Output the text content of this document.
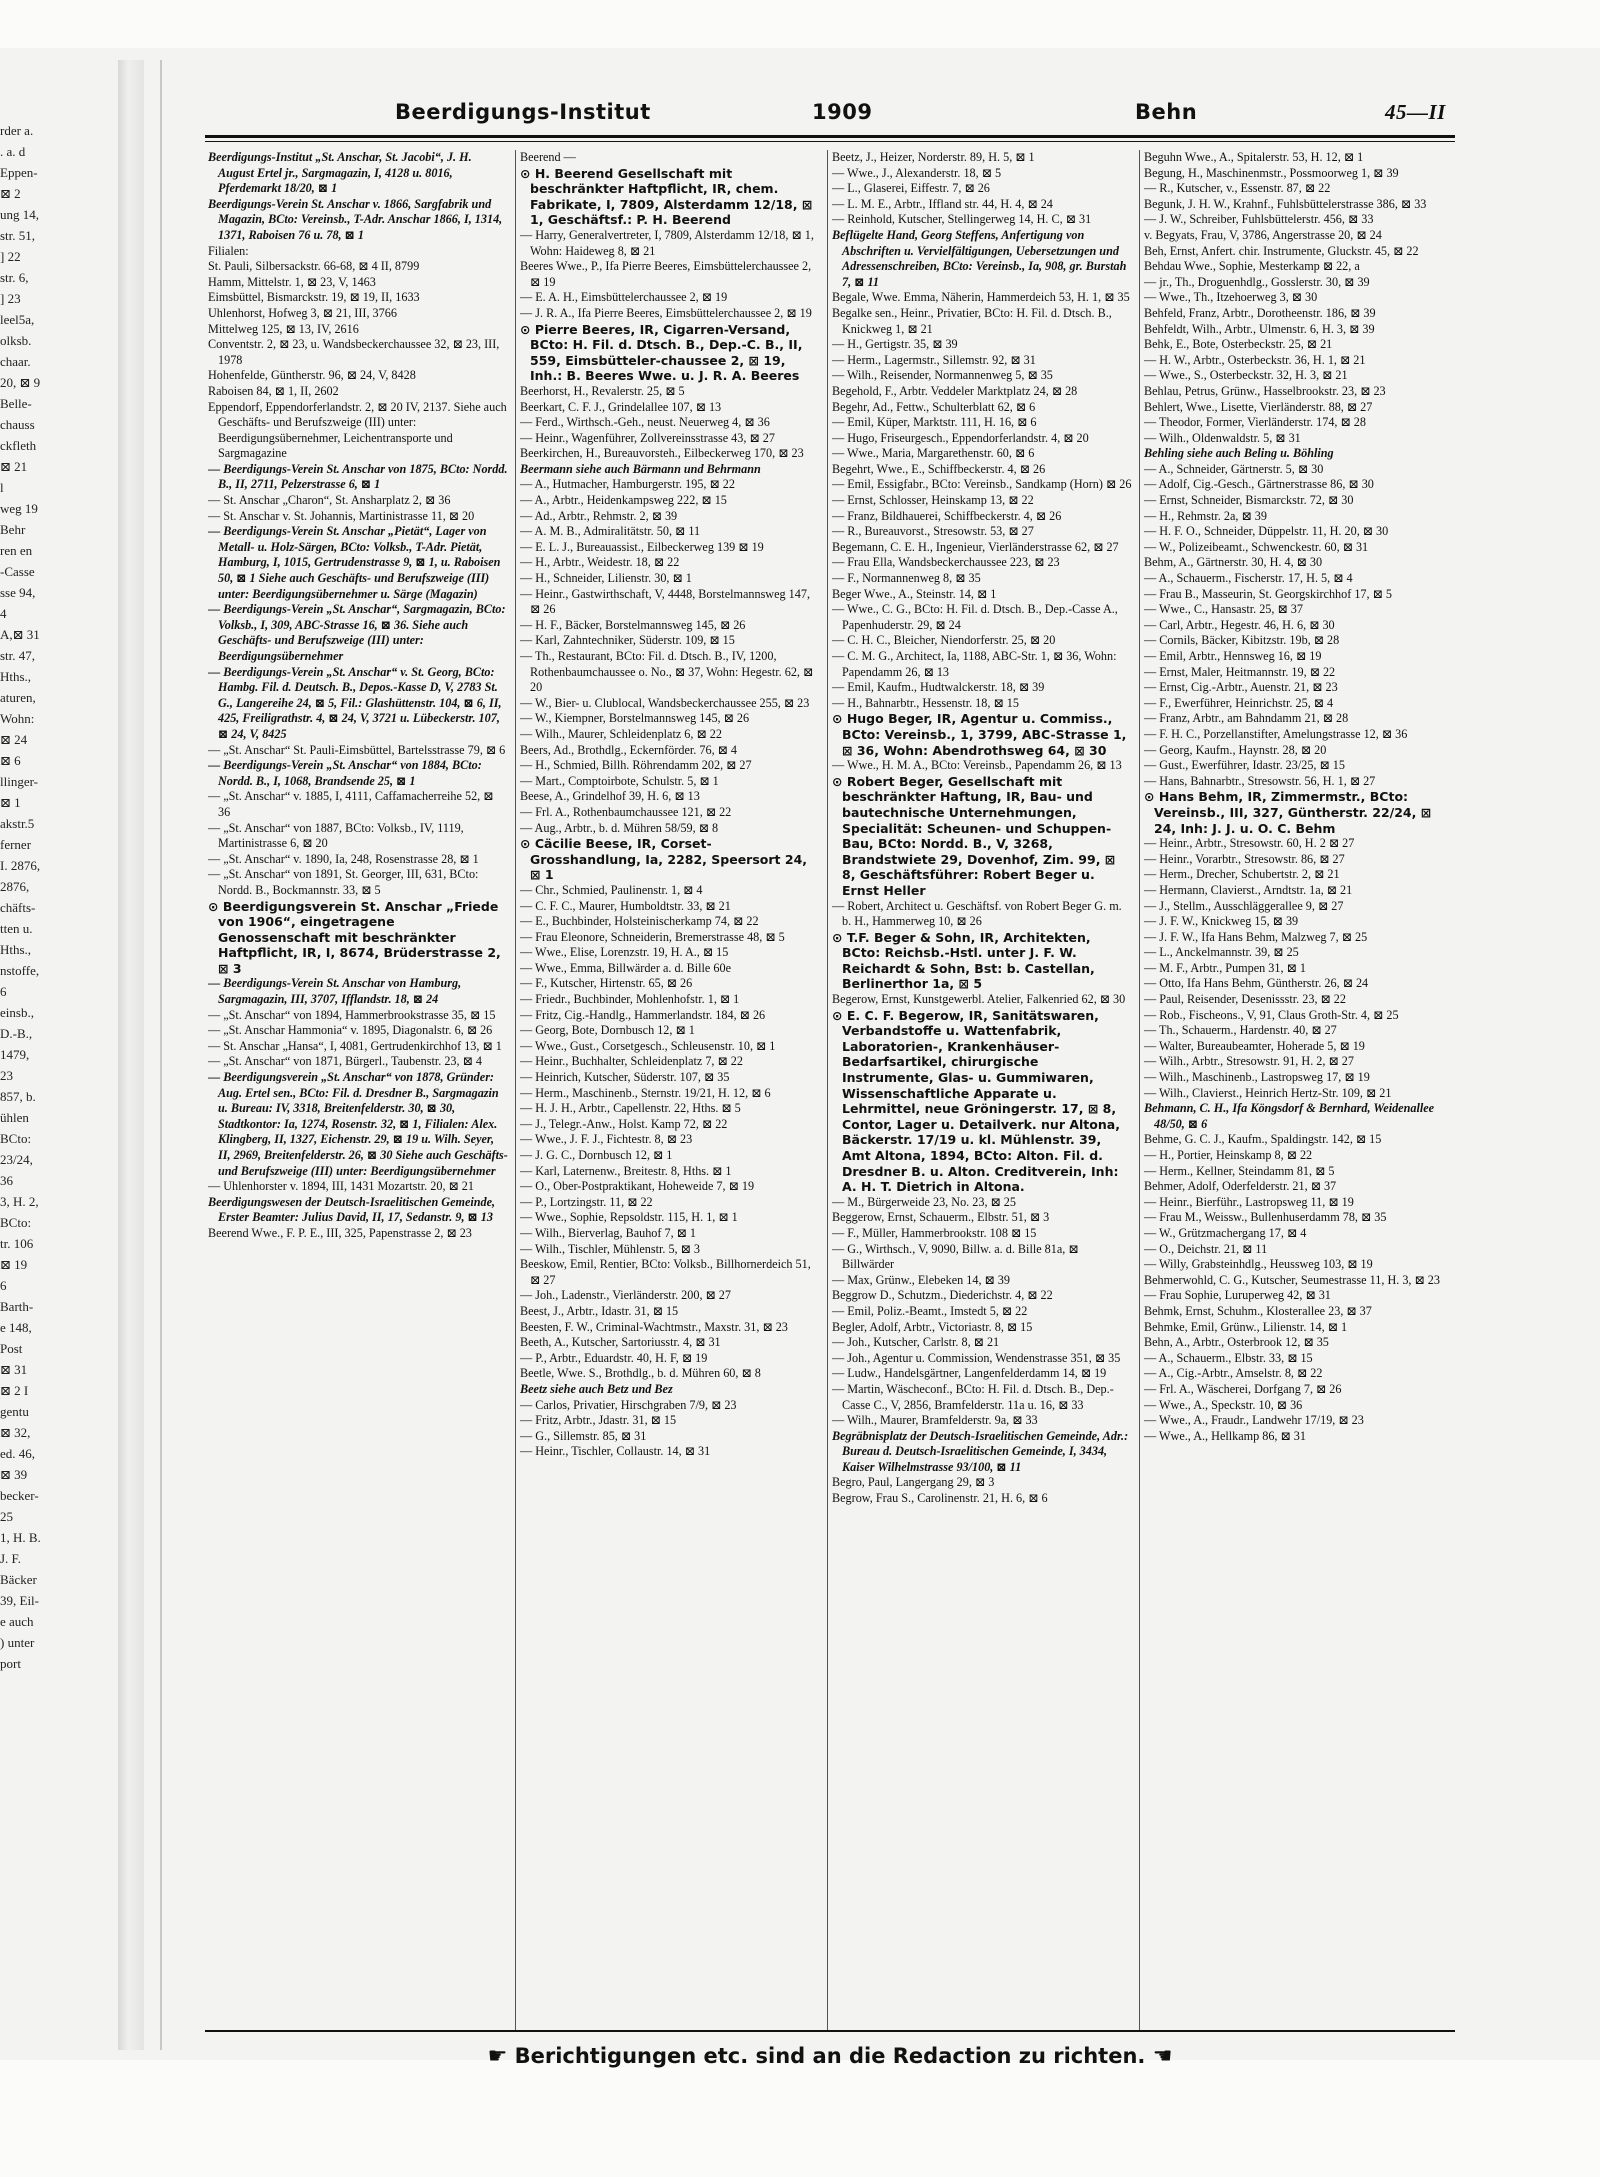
rder a.
. a. d
Eppen-
⊠ 2
ung 14,
str. 51,
] 22
str. 6,
] 23
leel5a,
olksb.
chaar.
20, ⊠ 9
Belle-
chauss
ckfleth
⊠ 21
l
weg 19
Behr
ren en
-Casse
sse 94,
4
A,⊠ 31
str. 47,
Hths.,
aturen,
Wohn:
⊠ 24
⊠ 6
llinger-
⊠ 1
akstr.5
ferner
I. 2876,
2876,
chäfts-
tten u.
Hths.,
nstoffe,
6
einsb.,
D.-B.,
1479,
23
857, b.
ühlen
BCto:
23/24,
36
3, H. 2,
BCto:
tr. 106
⊠ 19
6
Barth-
e 148,
Post
⊠ 31
⊠ 2 I
gentu
⊠ 32,
ed. 46,
⊠ 39
becker-
25
1, H. B.
J. F.
Bäcker
39, Eil-
e auch
) unter
port
Beerdigungs-Institut	1909	Behn	45—II

Beerdigungs-Institut „St. Anschar, St. Jacobi“, J. H. August Ertel jr., Sargmagazin, I, 4128 u. 8016, Pferdemarkt 18/20, ⊠ 1

Beerdigungs-Verein St. Anschar v. 1866, Sargfabrik und Magazin, BCto: Vereinsb., T-Adr. Anschar 1866, I, 1314, 1371, Raboisen 76 u. 78, ⊠ 1

Filialen:

St. Pauli, Silbersackstr. 66-68, ⊠ 4 II, 8799

Hamm, Mittelstr. 1, ⊠ 23, V, 1463

Eimsbüttel, Bismarckstr. 19, ⊠ 19, II, 1633

Uhlenhorst, Hofweg 3, ⊠ 21, III, 3766

Mittelweg 125, ⊠ 13, IV, 2616

Conventstr. 2, ⊠ 23, u. Wandsbeckerchaussee 32, ⊠ 23, III, 1978

Hohenfelde, Güntherstr. 96, ⊠ 24, V, 8428

Raboisen 84, ⊠ 1, II, 2602

Eppendorf, Eppendorferlandstr. 2, ⊠ 20 IV, 2137. Siehe auch Geschäfts- und Berufszweige (III) unter: Beerdigungsübernehmer, Leichentransporte und Sargmagazine

— Beerdigungs-Verein St. Anschar von 1875, BCto: Nordd. B., II, 2711, Pelzerstrasse 6, ⊠ 1

— St. Anschar „Charon“, St. Ansharplatz 2, ⊠ 36

— St. Anschar v. St. Johannis, Martinistrasse 11, ⊠ 20

— Beerdigungs-Verein St. Anschar „Pietät“, Lager von Metall- u. Holz-Särgen, BCto: Volksb., T-Adr. Pietät, Hamburg, I, 1015, Gertrudenstrasse 9, ⊠ 1, u. Raboisen 50, ⊠ 1 Siehe auch Geschäfts- und Berufszweige (III) unter: Beerdigungsübernehmer u. Särge (Magazin)

— Beerdigungs-Verein „St. Anschar“, Sargmagazin, BCto: Volksb., I, 309, ABC-Strasse 16, ⊠ 36. Siehe auch Geschäfts- und Berufszweige (III) unter: Beerdigungsübernehmer

— Beerdigungs-Verein „St. Anschar“ v. St. Georg, BCto: Hambg. Fil. d. Deutsch. B., Depos.-Kasse D, V, 2783 St. G., Langereihe 24, ⊠ 5, Fil.: Glashüttenstr. 104, ⊠ 6, II, 425, Freiligrathstr. 4, ⊠ 24, V, 3721 u. Lübeckerstr. 107, ⊠ 24, V, 8425

— „St. Anschar“ St. Pauli-Eimsbüttel, Bartelsstrasse 79, ⊠ 6

— Beerdigungs-Verein „St. Anschar“ von 1884, BCto: Nordd. B., I, 1068, Brandsende 25, ⊠ 1

— „St. Anschar“ v. 1885, I, 4111, Caffamacherreihe 52, ⊠ 36

— „St. Anschar“ von 1887, BCto: Volksb., IV, 1119, Martinistrasse 6, ⊠ 20

— „St. Anschar“ v. 1890, Ia, 248, Rosenstrasse 28, ⊠ 1

— „St. Anschar“ von 1891, St. Georger, III, 631, BCto: Nordd. B., Bockmannstr. 33, ⊠ 5

⊙ Beerdigungsverein St. Anschar „Friede von 1906“, eingetragene Genossenschaft mit beschränkter Haftpflicht, IR, I, 8674, Brüderstrasse 2, ⊠ 3

— Beerdigungs-Verein St. Anschar von Hamburg, Sargmagazin, III, 3707, Ifflandstr. 18, ⊠ 24

— „St. Anschar“ von 1894, Hammerbrookstrasse 35, ⊠ 15

— „St. Anschar Hammonia“ v. 1895, Diagonalstr. 6, ⊠ 26

— St. Anschar „Hansa“, I, 4081, Gertrudenkirchhof 13, ⊠ 1

— „St. Anschar“ von 1871, Bürgerl., Taubenstr. 23, ⊠ 4

— Beerdigungsverein „St. Anschar“ von 1878, Gründer: Aug. Ertel sen., BCto: Fil. d. Dresdner B., Sargmagazin u. Bureau: IV, 3318, Breitenfelderstr. 30, ⊠ 30, Stadtkontor: Ia, 1274, Rosenstr. 32, ⊠ 1, Filialen: Alex. Klingberg, II, 1327, Eichenstr. 29, ⊠ 19 u. Wilh. Seyer, II, 2969, Breitenfelderstr. 26, ⊠ 30 Siehe auch Geschäfts- und Berufszweige (III) unter: Beerdigungsübernehmer

— Uhlenhorster v. 1894, III, 1431 Mozartstr. 20, ⊠ 21

Beerdigungswesen der Deutsch-Israelitischen Gemeinde, Erster Beamter: Julius David, II, 17, Sedanstr. 9, ⊠ 13

Beerend Wwe., F. P. E., III, 325, Papenstrasse 2, ⊠ 23

Beerend —

⊙ H. Beerend Gesellschaft mit beschränkter Haftpflicht, IR, chem. Fabrikate, I, 7809, Alsterdamm 12/18, ⊠ 1, Geschäftsf.: P. H. Beerend

— Harry, Generalvertreter, I, 7809, Alsterdamm 12/18, ⊠ 1, Wohn: Haideweg 8, ⊠ 21

Beeres Wwe., P., Ifa Pierre Beeres, Eimsbüttelerchaussee 2, ⊠ 19

— E. A. H., Eimsbüttelerchaussee 2, ⊠ 19

— J. R. A., Ifa Pierre Beeres, Eimsbüttelerchaussee 2, ⊠ 19

⊙ Pierre Beeres, IR, Cigarren-Versand, BCto: H. Fil. d. Dtsch. B., Dep.-C. B., II, 559, Eimsbütteler-chaussee 2, ⊠ 19, Inh.: B. Beeres Wwe. u. J. R. A. Beeres

Beerhorst, H., Revalerstr. 25, ⊠ 5

Beerkart, C. F. J., Grindelallee 107, ⊠ 13

— Ferd., Wirthsch.-Geh., neust. Neuerweg 4, ⊠ 36

— Heinr., Wagenführer, Zollvereinsstrasse 43, ⊠ 27

Beerkirchen, H., Bureauvorsteh., Eilbeckerweg 170, ⊠ 23

Beermann siehe auch Bärmann und Behrmann

— A., Hutmacher, Hamburgerstr. 195, ⊠ 22

— A., Arbtr., Heidenkampsweg 222, ⊠ 15

— Ad., Arbtr., Rehmstr. 2, ⊠ 39

— A. M. B., Admiralitätstr. 50, ⊠ 11

— E. L. J., Bureauassist., Eilbeckerweg 139 ⊠ 19

— H., Arbtr., Weidestr. 18, ⊠ 22

— H., Schneider, Lilienstr. 30, ⊠ 1

— Heinr., Gastwirthschaft, V, 4448, Borstelmannsweg 147, ⊠ 26

— H. F., Bäcker, Borstelmannsweg 145, ⊠ 26

— Karl, Zahntechniker, Süderstr. 109, ⊠ 15

— Th., Restaurant, BCto: Fil. d. Dtsch. B., IV, 1200, Rothenbaumchaussee o. No., ⊠ 37, Wohn: Hegestr. 62, ⊠ 20

— W., Bier- u. Clublocal, Wandsbeckerchaussee 255, ⊠ 23

— W., Kiempner, Borstelmannsweg 145, ⊠ 26

— Wilh., Maurer, Schleidenplatz 6, ⊠ 22

Beers, Ad., Brothdlg., Eckernförder. 76, ⊠ 4

— H., Schmied, Billh. Röhrendamm 202, ⊠ 27

— Mart., Comptoirbote, Schulstr. 5, ⊠ 1

Beese, A., Grindelhof 39, H. 6, ⊠ 13

— Frl. A., Rothenbaumchaussee 121, ⊠ 22

— Aug., Arbtr., b. d. Mühren 58/59, ⊠ 8

⊙ Cäcilie Beese, IR, Corset-Grosshandlung, Ia, 2282, Speersort 24, ⊠ 1

— Chr., Schmied, Paulinenstr. 1, ⊠ 4

— C. F. C., Maurer, Humboldtstr. 33, ⊠ 21

— E., Buchbinder, Holsteinischerkamp 74, ⊠ 22

— Frau Eleonore, Schneiderin, Bremerstrasse 48, ⊠ 5

— Wwe., Elise, Lorenzstr. 19, H. A., ⊠ 15

— Wwe., Emma, Billwärder a. d. Bille 60e

— F., Kutscher, Hirtenstr. 65, ⊠ 26

— Friedr., Buchbinder, Mohlenhofstr. 1, ⊠ 1

— Fritz, Cig.-Handlg., Hammerlandstr. 184, ⊠ 26

— Georg, Bote, Dornbusch 12, ⊠ 1

— Wwe., Gust., Corsetgesch., Schleusenstr. 10, ⊠ 1

— Heinr., Buchhalter, Schleidenplatz 7, ⊠ 22

— Heinrich, Kutscher, Süderstr. 107, ⊠ 35

— Herm., Maschinenb., Sternstr. 19/21, H. 12, ⊠ 6

— H. J. H., Arbtr., Capellenstr. 22, Hths. ⊠ 5

— J., Telegr.-Anw., Holst. Kamp 72, ⊠ 22

— Wwe., J. F. J., Fichtestr. 8, ⊠ 23

— J. G. C., Dornbusch 12, ⊠ 1

— Karl, Laternenw., Breitestr. 8, Hths. ⊠ 1

— O., Ober-Postpraktikant, Hoheweide 7, ⊠ 19

— P., Lortzingstr. 11, ⊠ 22

— Wwe., Sophie, Repsoldstr. 115, H. 1, ⊠ 1

— Wilh., Bierverlag, Bauhof 7, ⊠ 1

— Wilh., Tischler, Mühlenstr. 5, ⊠ 3

Beeskow, Emil, Rentier, BCto: Volksb., Billhornerdeich 51, ⊠ 27

— Joh., Ladenstr., Vierländerstr. 200, ⊠ 27

Beest, J., Arbtr., Idastr. 31, ⊠ 15

Beesten, F. W., Criminal-Wachtmstr., Maxstr. 31, ⊠ 23

Beeth, A., Kutscher, Sartoriusstr. 4, ⊠ 31

— P., Arbtr., Eduardstr. 40, H. F, ⊠ 19

Beetle, Wwe. S., Brothdlg., b. d. Mühren 60, ⊠ 8

Beetz siehe auch Betz und Bez

— Carlos, Privatier, Hirschgraben 7/9, ⊠ 23

— Fritz, Arbtr., Jdastr. 31, ⊠ 15

— G., Sillemstr. 85, ⊠ 31

— Heinr., Tischler, Collaustr. 14, ⊠ 31

Beetz, J., Heizer, Norderstr. 89, H. 5, ⊠ 1

— Wwe., J., Alexanderstr. 18, ⊠ 5

— L., Glaserei, Eiffestr. 7, ⊠ 26

— L. M. E., Arbtr., Iffland str. 44, H. 4, ⊠ 24

— Reinhold, Kutscher, Stellingerweg 14, H. C, ⊠ 31

Beflügelte Hand, Georg Steffens, Anfertigung von Abschriften u. Vervielfältigungen, Uebersetzungen und Adressenschreiben, BCto: Vereinsb., Ia, 908, gr. Burstah 7, ⊠ 11

Begale, Wwe. Emma, Näherin, Hammerdeich 53, H. 1, ⊠ 35

Begalke sen., Heinr., Privatier, BCto: H. Fil. d. Dtsch. B., Knickweg 1, ⊠ 21

— H., Gertigstr. 35, ⊠ 39

— Herm., Lagermstr., Sillemstr. 92, ⊠ 31

— Wilh., Reisender, Normannenweg 5, ⊠ 35

Begehold, F., Arbtr. Veddeler Marktplatz 24, ⊠ 28

Begehr, Ad., Fettw., Schulterblatt 62, ⊠ 6

— Emil, Küper, Marktstr. 111, H. 16, ⊠ 6

— Hugo, Friseurgesch., Eppendorferlandstr. 4, ⊠ 20

— Wwe., Maria, Margarethenstr. 60, ⊠ 6

Begehrt, Wwe., E., Schiffbeckerstr. 4, ⊠ 26

— Emil, Essigfabr., BCto: Vereinsb., Sandkamp (Horn) ⊠ 26

— Ernst, Schlosser, Heinskamp 13, ⊠ 22

— Franz, Bildhauerei, Schiffbeckerstr. 4, ⊠ 26

— R., Bureauvorst., Stresowstr. 53, ⊠ 27

Begemann, C. E. H., Ingenieur, Vierländerstrasse 62, ⊠ 27

— Frau Ella, Wandsbeckerchaussee 223, ⊠ 23

— F., Normannenweg 8, ⊠ 35

Beger Wwe., A., Steinstr. 14, ⊠ 1

— Wwe., C. G., BCto: H. Fil. d. Dtsch. B., Dep.-Casse A., Papenhuderstr. 29, ⊠ 24

— C. H. C., Bleicher, Niendorferstr. 25, ⊠ 20

— C. M. G., Architect, Ia, 1188, ABC-Str. 1, ⊠ 36, Wohn: Papendamm 26, ⊠ 13

— Emil, Kaufm., Hudtwalckerstr. 18, ⊠ 39

— H., Bahnarbtr., Hessenstr. 18, ⊠ 15

⊙ Hugo Beger, IR, Agentur u. Commiss., BCto: Vereinsb., 1, 3799, ABC-Strasse 1, ⊠ 36, Wohn: Abendrothsweg 64, ⊠ 30

— Wwe., H. M. A., BCto: Vereinsb., Papendamm 26, ⊠ 13

⊙ Robert Beger, Gesellschaft mit beschränkter Haftung, IR, Bau- und bautechnische Unternehmungen, Specialität: Scheunen- und Schuppen-Bau, BCto: Nordd. B., V, 3268, Brandstwiete 29, Dovenhof, Zim. 99, ⊠ 8, Geschäftsführer: Robert Beger u. Ernst Heller

— Robert, Architect u. Geschäftsf. von Robert Beger G. m. b. H., Hammerweg 10, ⊠ 26

⊙ T.F. Beger & Sohn, IR, Architekten, BCto: Reichsb.-Hstl. unter J. F. W. Reichardt & Sohn, Bst: b. Castellan, Berlinerthor 1a, ⊠ 5

Begerow, Ernst, Kunstgewerbl. Atelier, Falkenried 62, ⊠ 30

⊙ E. C. F. Begerow, IR, Sanitätswaren, Verbandstoffe u. Wattenfabrik, Laboratorien-, Krankenhäuser-Bedarfsartikel, chirurgische Instrumente, Glas- u. Gummiwaren, Wissenschaftliche Apparate u. Lehrmittel, neue Gröningerstr. 17, ⊠ 8, Contor, Lager u. Detailverk. nur Altona, Bäckerstr. 17/19 u. kl. Mühlenstr. 39, Amt Altona, 1894, BCto: Alton. Fil. d. Dresdner B. u. Alton. Creditverein, Inh: A. H. T. Dietrich in Altona.

— M., Bürgerweide 23, No. 23, ⊠ 25

Beggerow, Ernst, Schauerm., Elbstr. 51, ⊠ 3

— F., Müller, Hammerbrookstr. 108 ⊠ 15

— G., Wirthsch., V, 9090, Billw. a. d. Bille 81a, ⊠ Billwärder

— Max, Grünw., Elebeken 14, ⊠ 39

Beggrow D., Schutzm., Diederichstr. 4, ⊠ 22

— Emil, Poliz.-Beamt., Imstedt 5, ⊠ 22

Begler, Adolf, Arbtr., Victoriastr. 8, ⊠ 15

— Joh., Kutscher, Carlstr. 8, ⊠ 21

— Joh., Agentur u. Commission, Wendenstrasse 351, ⊠ 35

— Ludw., Handelsgärtner, Langenfelderdamm 14, ⊠ 19

— Martin, Wäscheconf., BCto: H. Fil. d. Dtsch. B., Dep.-Casse C., V, 2856, Bramfelderstr. 11a u. 16, ⊠ 33

— Wilh., Maurer, Bramfelderstr. 9a, ⊠ 33

Begräbnisplatz der Deutsch-Israelitischen Gemeinde, Adr.: Bureau d. Deutsch-Israelitischen Gemeinde, I, 3434, Kaiser Wilhelmstrasse 93/100, ⊠ 11

Begro, Paul, Langergang 29, ⊠ 3

Begrow, Frau S., Carolinenstr. 21, H. 6, ⊠ 6

Beguhn Wwe., A., Spitalerstr. 53, H. 12, ⊠ 1

Begung, H., Maschinenmstr., Possmoorweg 1, ⊠ 39

— R., Kutscher, v., Essenstr. 87, ⊠ 22

Begunk, J. H. W., Krahnf., Fuhlsbüttelerstrasse 386, ⊠ 33

— J. W., Schreiber, Fuhlsbüttelerstr. 456, ⊠ 33

v. Begyats, Frau, V, 3786, Angerstrasse 20, ⊠ 24

Beh, Ernst, Anfert. chir. Instrumente, Gluckstr. 45, ⊠ 22

Behdau Wwe., Sophie, Mesterkamp ⊠ 22, a

— jr., Th., Droguenhdlg., Gosslerstr. 30, ⊠ 39

— Wwe., Th., Itzehoerweg 3, ⊠ 30

Behfeld, Franz, Arbtr., Dorotheenstr. 186, ⊠ 39

Behfeldt, Wilh., Arbtr., Ulmenstr. 6, H. 3, ⊠ 39

Behk, E., Bote, Osterbeckstr. 25, ⊠ 21

— H. W., Arbtr., Osterbeckstr. 36, H. 1, ⊠ 21

— Wwe., S., Osterbeckstr. 32, H. 3, ⊠ 21

Behlau, Petrus, Grünw., Hasselbrookstr. 23, ⊠ 23

Behlert, Wwe., Lisette, Vierländerstr. 88, ⊠ 27

— Theodor, Former, Vierländerstr. 174, ⊠ 28

— Wilh., Oldenwaldstr. 5, ⊠ 31

Behling siehe auch Beling u. Böhling

— A., Schneider, Gärtnerstr. 5, ⊠ 30

— Adolf, Cig.-Gesch., Gärtnerstrasse 86, ⊠ 30

— Ernst, Schneider, Bismarckstr. 72, ⊠ 30

— H., Rehmstr. 2a, ⊠ 39

— H. F. O., Schneider, Düppelstr. 11, H. 20, ⊠ 30

— W., Polizeibeamt., Schwenckestr. 60, ⊠ 31

Behm, A., Gärtnerstr. 30, H. 4, ⊠ 30

— A., Schauerm., Fischerstr. 17, H. 5, ⊠ 4

— Frau B., Masseurin, St. Georgskirchhof 17, ⊠ 5

— Wwe., C., Hansastr. 25, ⊠ 37

— Carl, Arbtr., Hegestr. 46, H. 6, ⊠ 30

— Cornils, Bäcker, Kibitzstr. 19b, ⊠ 28

— Emil, Arbtr., Hennsweg 16, ⊠ 19

— Ernst, Maler, Heitmannstr. 19, ⊠ 22

— Ernst, Cig.-Arbtr., Auenstr. 21, ⊠ 23

— F., Ewerführer, Heinrichstr. 25, ⊠ 4

— Franz, Arbtr., am Bahndamm 21, ⊠ 28

— F. H. C., Porzellanstifter, Amelungstrasse 12, ⊠ 36

— Georg, Kaufm., Haynstr. 28, ⊠ 20

— Gust., Ewerführer, Idastr. 23/25, ⊠ 15

— Hans, Bahnarbtr., Stresowstr. 56, H. 1, ⊠ 27

⊙ Hans Behm, IR, Zimmermstr., BCto: Vereinsb., III, 327, Güntherstr. 22/24, ⊠ 24, Inh: J. J. u. O. C. Behm

— Heinr., Arbtr., Stresowstr. 60, H. 2 ⊠ 27

— Heinr., Vorarbtr., Stresowstr. 86, ⊠ 27

— Herm., Drecher, Schubertstr. 2, ⊠ 21

— Hermann, Clavierst., Arndtstr. 1a, ⊠ 21

— J., Stellm., Ausschläggerallee 9, ⊠ 27

— J. F. W., Knickweg 15, ⊠ 39

— J. F. W., Ifa Hans Behm, Malzweg 7, ⊠ 25

— L., Anckelmannstr. 39, ⊠ 25

— M. F., Arbtr., Pumpen 31, ⊠ 1

— Otto, Ifa Hans Behm, Güntherstr. 26, ⊠ 24

— Paul, Reisender, Desenissstr. 23, ⊠ 22

— Rob., Fischeons., V, 91, Claus Groth-Str. 4, ⊠ 25

— Th., Schauerm., Hardenstr. 40, ⊠ 27

— Walter, Bureaubeamter, Hoherade 5, ⊠ 19

— Wilh., Arbtr., Stresowstr. 91, H. 2, ⊠ 27

— Wilh., Maschinenb., Lastropsweg 17, ⊠ 19

— Wilh., Clavierst., Heinrich Hertz-Str. 109, ⊠ 21

Behmann, C. H., Ifa Köngsdorf & Bernhard, Weidenallee 48/50, ⊠ 6

Behme, G. C. J., Kaufm., Spaldingstr. 142, ⊠ 15

— H., Portier, Heinskamp 8, ⊠ 22

— Herm., Kellner, Steindamm 81, ⊠ 5

Behmer, Adolf, Oderfelderstr. 21, ⊠ 37

— Heinr., Bierführ., Lastropsweg 11, ⊠ 19

— Frau M., Weissw., Bullenhuserdamm 78, ⊠ 35

— W., Grützmachergang 17, ⊠ 4

— O., Deichstr. 21, ⊠ 11

— Willy, Grabsteinhdlg., Heussweg 103, ⊠ 19

Behmerwohld, C. G., Kutscher, Seumestrasse 11, H. 3, ⊠ 23

— Frau Sophie, Luruperweg 42, ⊠ 31

Behmk, Ernst, Schuhm., Klosterallee 23, ⊠ 37

Behmke, Emil, Grünw., Lilienstr. 14, ⊠ 1

Behn, A., Arbtr., Osterbrook 12, ⊠ 35

— A., Schauerm., Elbstr. 33, ⊠ 15

— A., Cig.-Arbtr., Amselstr. 8, ⊠ 22

— Frl. A., Wäscherei, Dorfgang 7, ⊠ 26

— Wwe., A., Speckstr. 10, ⊠ 36

— Wwe., A., Fraudr., Landwehr 17/19, ⊠ 23

— Wwe., A., Hellkamp 86, ⊠ 31

☛ Berichtigungen etc. sind an die Redaction zu richten. ☚
